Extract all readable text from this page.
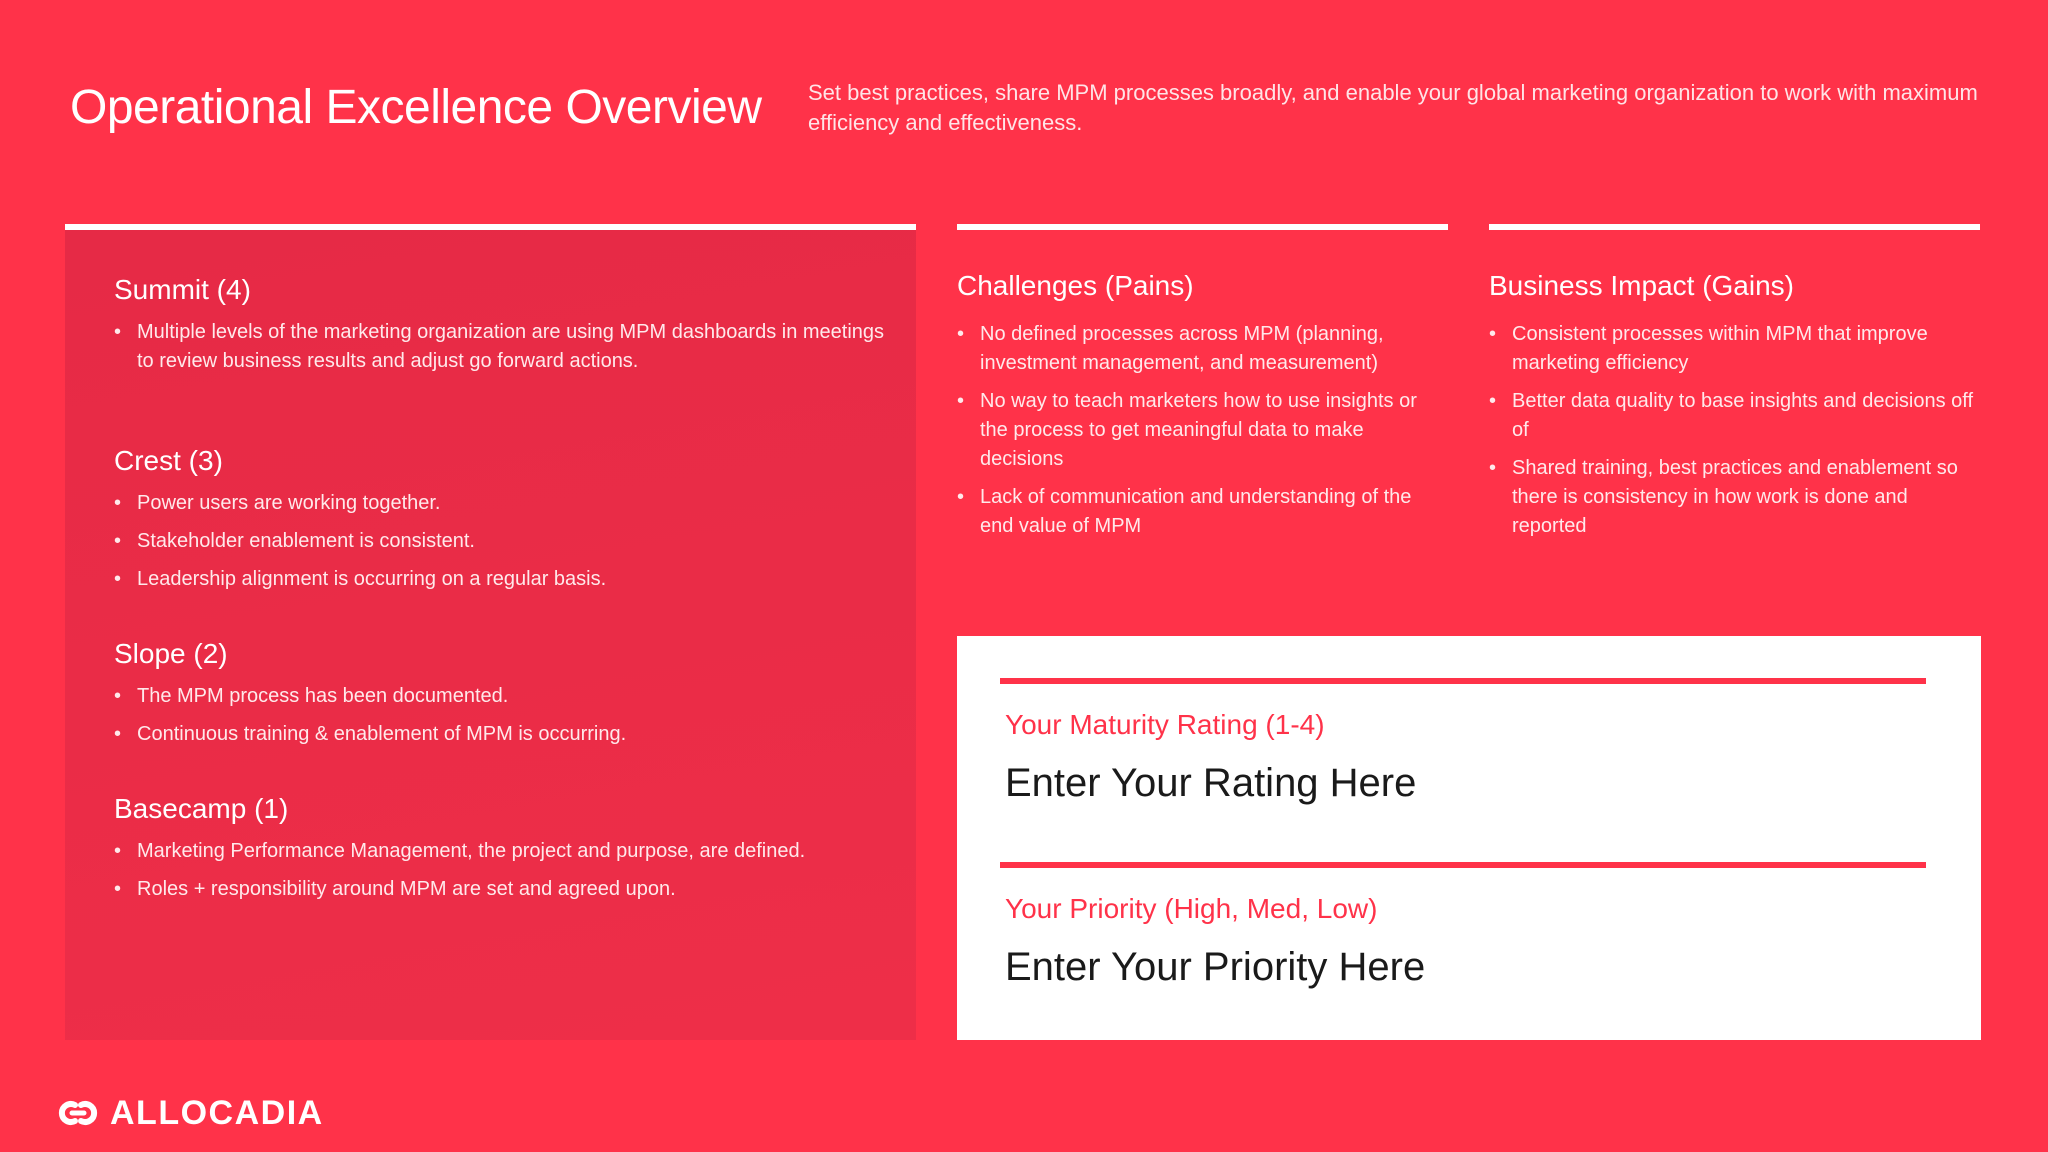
Operational Excellence Overview Set best practices, share MPM processes broadly, and enable your global marketing organization to work with maximum efficiency and effectiveness.

Summit (4)
• Multiple levels of the marketing organization are using MPM dashboards in meetings to review business results and adjust go forward actions.
Crest (3)
• Power users are working together.
• Stakeholder enablement is consistent.
• Leadership alignment is occurring on a regular basis.
Slope (2)
• The MPM process has been documented.
• Continuous training & enablement of MPM is occurring.
Basecamp (1)
• Marketing Performance Management, the project and purpose, are defined.
• Roles + responsibility around MPM are set and agreed upon.
Challenges (Pains)
• No defined processes across MPM (planning, investment management, and measurement)
• No way to teach marketers how to use insights or the process to get meaningful data to make decisions
• Lack of communication and understanding of the end value of MPM
Business Impact (Gains)
• Consistent processes within MPM that improve marketing efficiency
• Better data quality to base insights and decisions off of
• Shared training, best practices and enablement so there is consistency in how work is done and reported
Your Maturity Rating (1-4)
Enter Your Rating Here
Your Priority (High, Med, Low)
Enter Your Priority Here
ALLOCADIA
